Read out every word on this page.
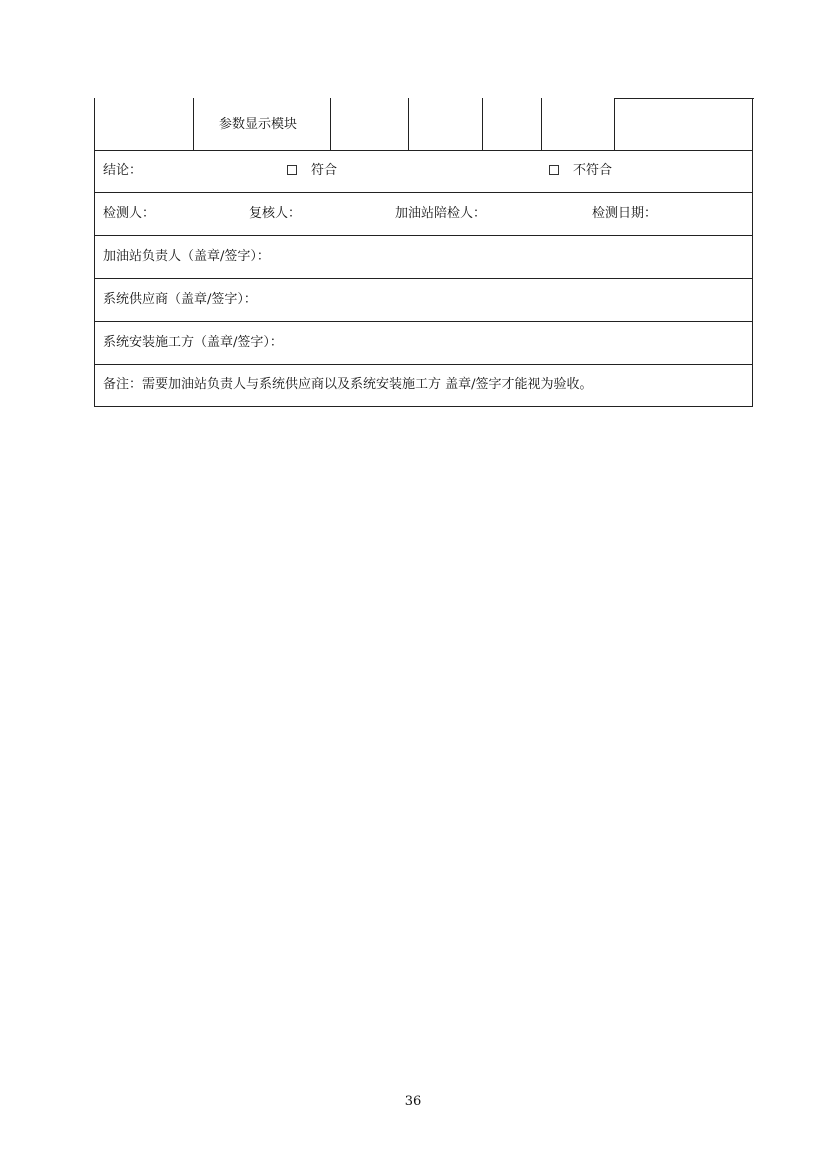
参数显示模块
结论：	符合	不符合
检测人：	复核人：	加油站陪检人：	检测日期：
加油站负责人（盖章/签字）：
系统供应商（盖章/签字）：
系统安装施工方（盖章/签字）：
备注：需要加油站负责人与系统供应商以及系统安装施工方 盖章/签字才能视为验收。
36
